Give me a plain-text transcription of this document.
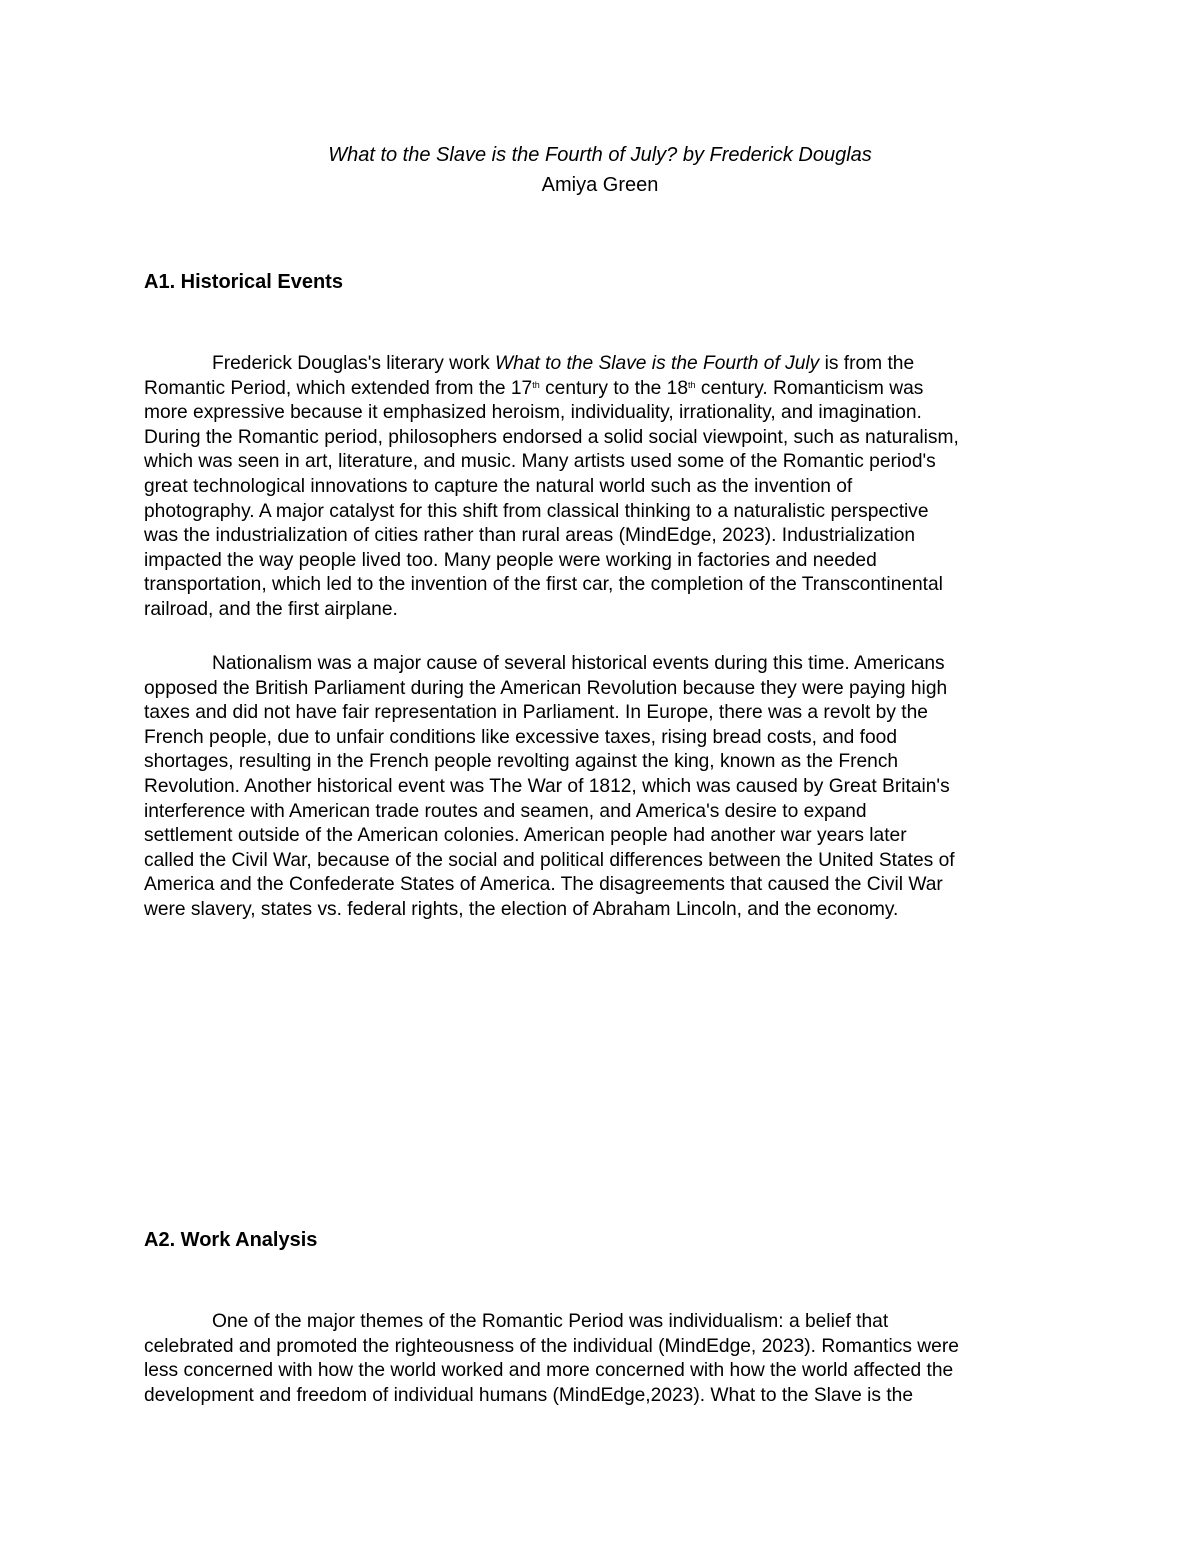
What to the Slave is the Fourth of July? by Frederick Douglas
Amiya Green
A1. Historical Events
Frederick Douglas's literary work What to the Slave is the Fourth of July is from the
Romantic Period, which extended from the 17th century to the 18th century. Romanticism was
more expressive because it emphasized heroism, individuality, irrationality, and imagination.
During the Romantic period, philosophers endorsed a solid social viewpoint, such as naturalism,
which was seen in art, literature, and music. Many artists used some of the Romantic period's
great technological innovations to capture the natural world such as the invention of
photography. A major catalyst for this shift from classical thinking to a naturalistic perspective
was the industrialization of cities rather than rural areas (MindEdge, 2023). Industrialization
impacted the way people lived too. Many people were working in factories and needed
transportation, which led to the invention of the first car, the completion of the Transcontinental
railroad, and the first airplane.
Nationalism was a major cause of several historical events during this time. Americans
opposed the British Parliament during the American Revolution because they were paying high
taxes and did not have fair representation in Parliament. In Europe, there was a revolt by the
French people, due to unfair conditions like excessive taxes, rising bread costs, and food
shortages, resulting in the French people revolting against the king, known as the French
Revolution. Another historical event was The War of 1812, which was caused by Great Britain's
interference with American trade routes and seamen, and America's desire to expand
settlement outside of the American colonies. American people had another war years later
called the Civil War, because of the social and political differences between the United States of
America and the Confederate States of America. The disagreements that caused the Civil War
were slavery, states vs. federal rights, the election of Abraham Lincoln, and the economy.
A2. Work Analysis
One of the major themes of the Romantic Period was individualism: a belief that
celebrated and promoted the righteousness of the individual (MindEdge, 2023). Romantics were
less concerned with how the world worked and more concerned with how the world affected the
development and freedom of individual humans (MindEdge,2023). What to the Slave is the
